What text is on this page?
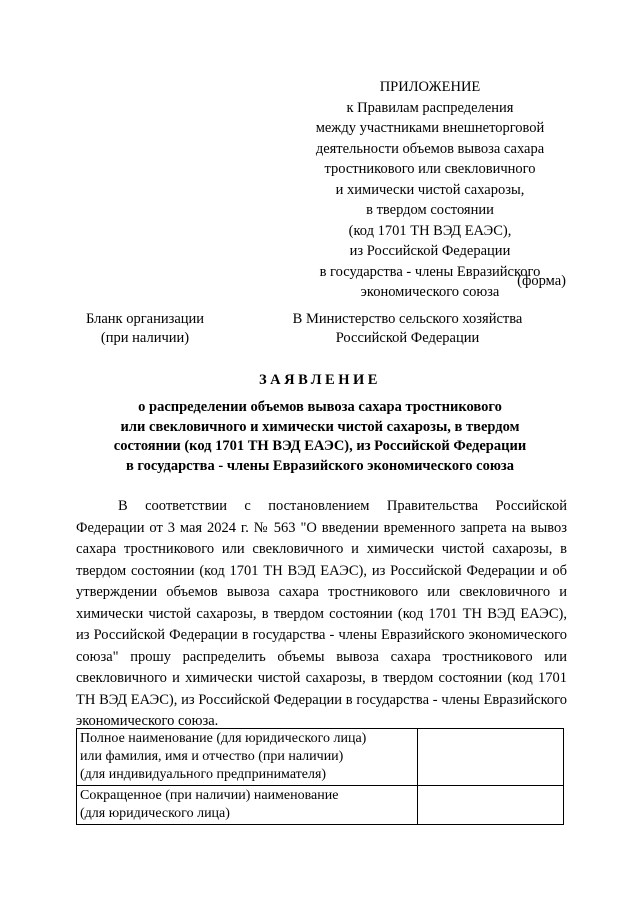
ПРИЛОЖЕНИЕ
к Правилам распределения
между участниками внешнеторговой
деятельности объемов вывоза сахара
тростникового или свекловичного
и химически чистой сахарозы,
в твердом состоянии
(код 1701 ТН ВЭД ЕАЭС),
из Российской Федерации
в государства - члены Евразийского
экономического союза
(форма)
Бланк организации
(при наличии)
В Министерство сельского хозяйства
Российской Федерации
ЗАЯВЛЕНИЕ
о распределении объемов вывоза сахара тростникового
или свекловичного и химически чистой сахарозы, в твердом
состоянии (код 1701 ТН ВЭД ЕАЭС), из Российской Федерации
в государства - члены Евразийского экономического союза
В соответствии с постановлением Правительства Российской Федерации от 3 мая 2024 г. № 563 "О введении временного запрета на вывоз сахара тростникового или свекловичного и химически чистой сахарозы, в твердом состоянии (код 1701 ТН ВЭД ЕАЭС), из Российской Федерации и об утверждении объемов вывоза сахара тростникового или свекловичного и химически чистой сахарозы, в твердом состоянии (код 1701 ТН ВЭД ЕАЭС), из Российской Федерации в государства - члены Евразийского экономического союза" прошу распределить объемы вывоза сахара тростникового или свекловичного и химически чистой сахарозы, в твердом состоянии (код 1701 ТН ВЭД ЕАЭС), из Российской Федерации в государства - члены Евразийского экономического союза.
Полное наименование (для юридического лица)
или фамилия, имя и отчество (при наличии)
(для индивидуального предпринимателя)	

Сокращенное (при наличии) наименование
(для юридического лица)	
